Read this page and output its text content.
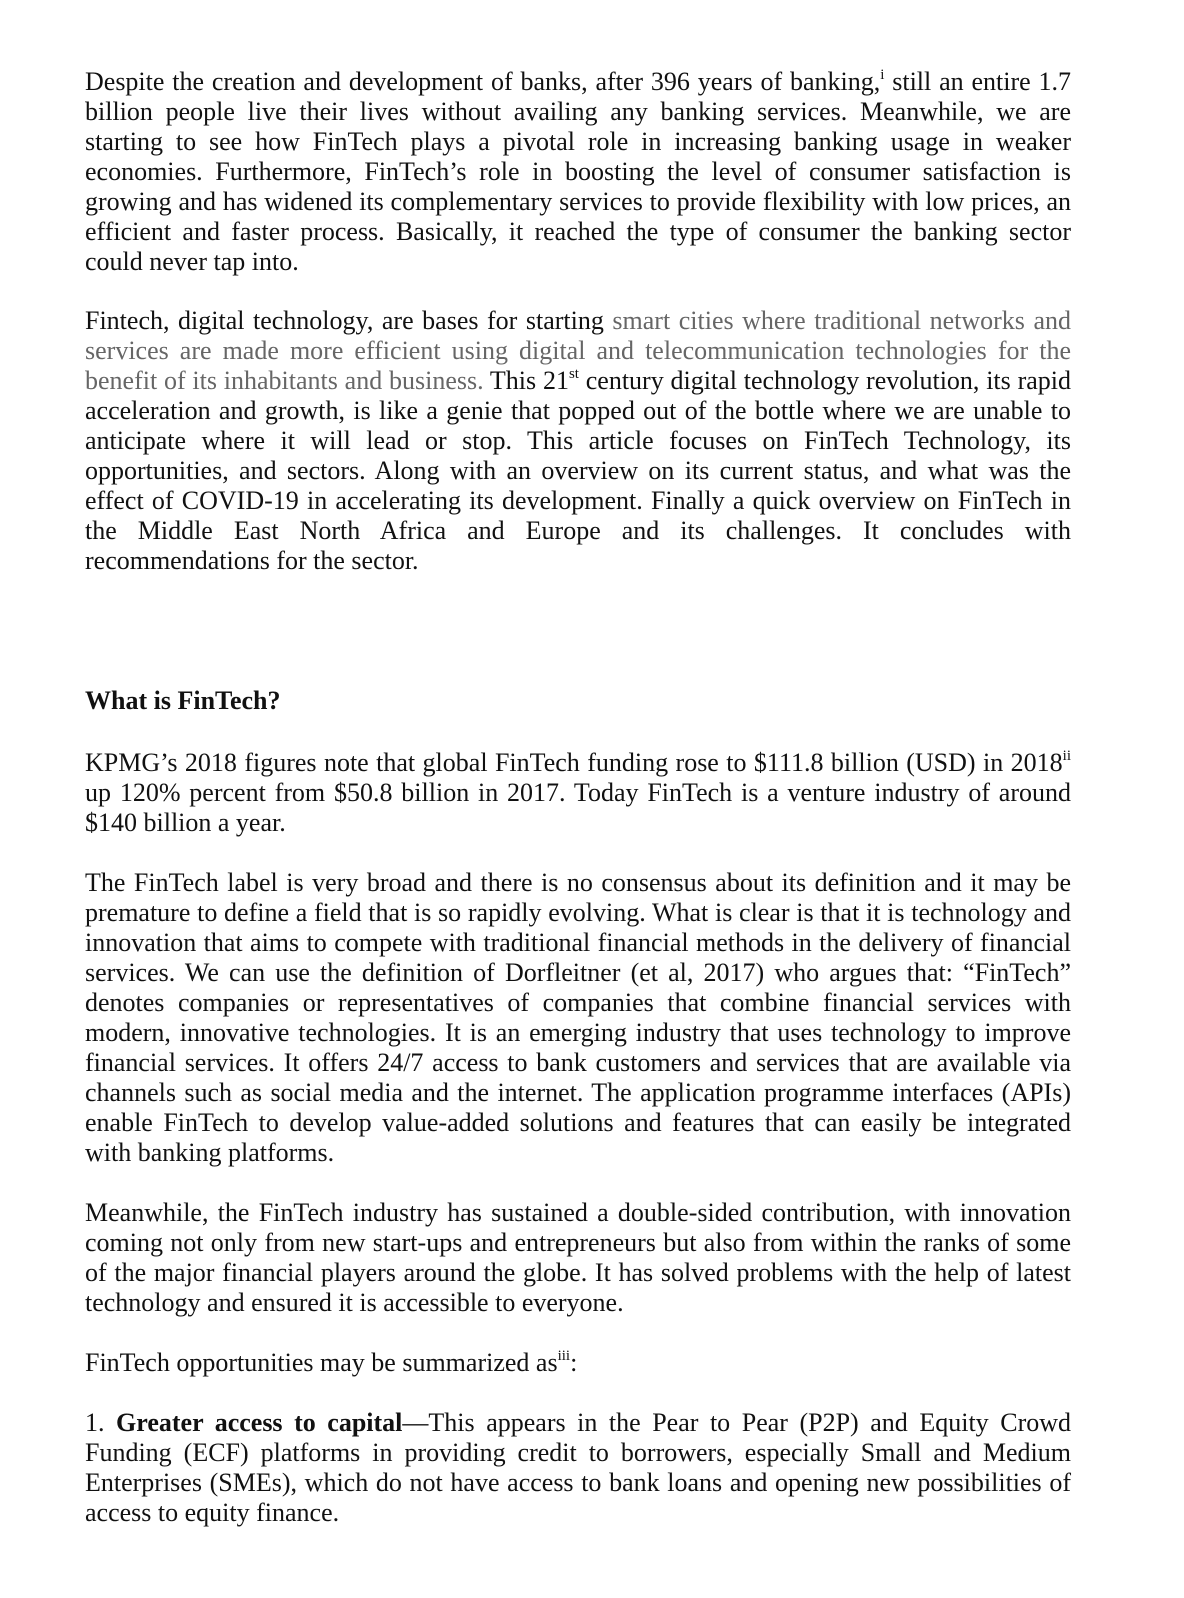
Despite the creation and development of banks, after 396 years of banking,$^i$ still an entire 1.7 billion people live their lives without availing any banking services. Meanwhile, we are starting to see how FinTech plays a pivotal role in increasing banking usage in weaker economies. Furthermore, FinTech’s role in boosting the level of consumer satisfaction is growing and has widened its complementary services to provide flexibility with low prices, an efficient and faster process. Basically, it reached the type of consumer the banking sector could never tap into.

Fintech, digital technology, are bases for starting smart cities where traditional networks and services are made more efficient using digital and telecommunication technologies for the benefit of its inhabitants and business. This 21st century digital technology revolution, its rapid acceleration and growth, is like a genie that popped out of the bottle where we are unable to anticipate where it will lead or stop. This article focuses on FinTech Technology, its opportunities, and sectors. Along with an overview on its current status, and what was the effect of COVID-19 in accelerating its development. Finally a quick overview on FinTech in the Middle East North Africa and Europe and its challenges. It concludes with recommendations for the sector.

What is FinTech?

KPMG’s 2018 figures note that global FinTech funding rose to $111.8 billion (USD) in 2018$^{ii}$ up 120% percent from $50.8 billion in 2017. Today FinTech is a venture industry of around $140 billion a year.

The FinTech label is very broad and there is no consensus about its definition and it may be premature to define a field that is so rapidly evolving. What is clear is that it is technology and innovation that aims to compete with traditional financial methods in the delivery of financial services. We can use the definition of Dorfleitner (et al, 2017) who argues that: “FinTech” denotes companies or representatives of companies that combine financial services with modern, innovative technologies. It is an emerging industry that uses technology to improve financial services. It offers 24/7 access to bank customers and services that are available via channels such as social media and the internet. The application programme interfaces (APIs) enable FinTech to develop value-added solutions and features that can easily be integrated with banking platforms.

Meanwhile, the FinTech industry has sustained a double-sided contribution, with innovation coming not only from new start-ups and entrepreneurs but also from within the ranks of some of the major financial players around the globe. It has solved problems with the help of latest technology and ensured it is accessible to everyone.

FinTech opportunities may be summarized $as^{iii}$:

1. Greater access to capital—This appears in the Pear to Pear (P2P) and Equity Crowd Funding (ECF) platforms in providing credit to borrowers, especially Small and Medium Enterprises (SMEs), which do not have access to bank loans and opening new possibilities of access to equity finance.
